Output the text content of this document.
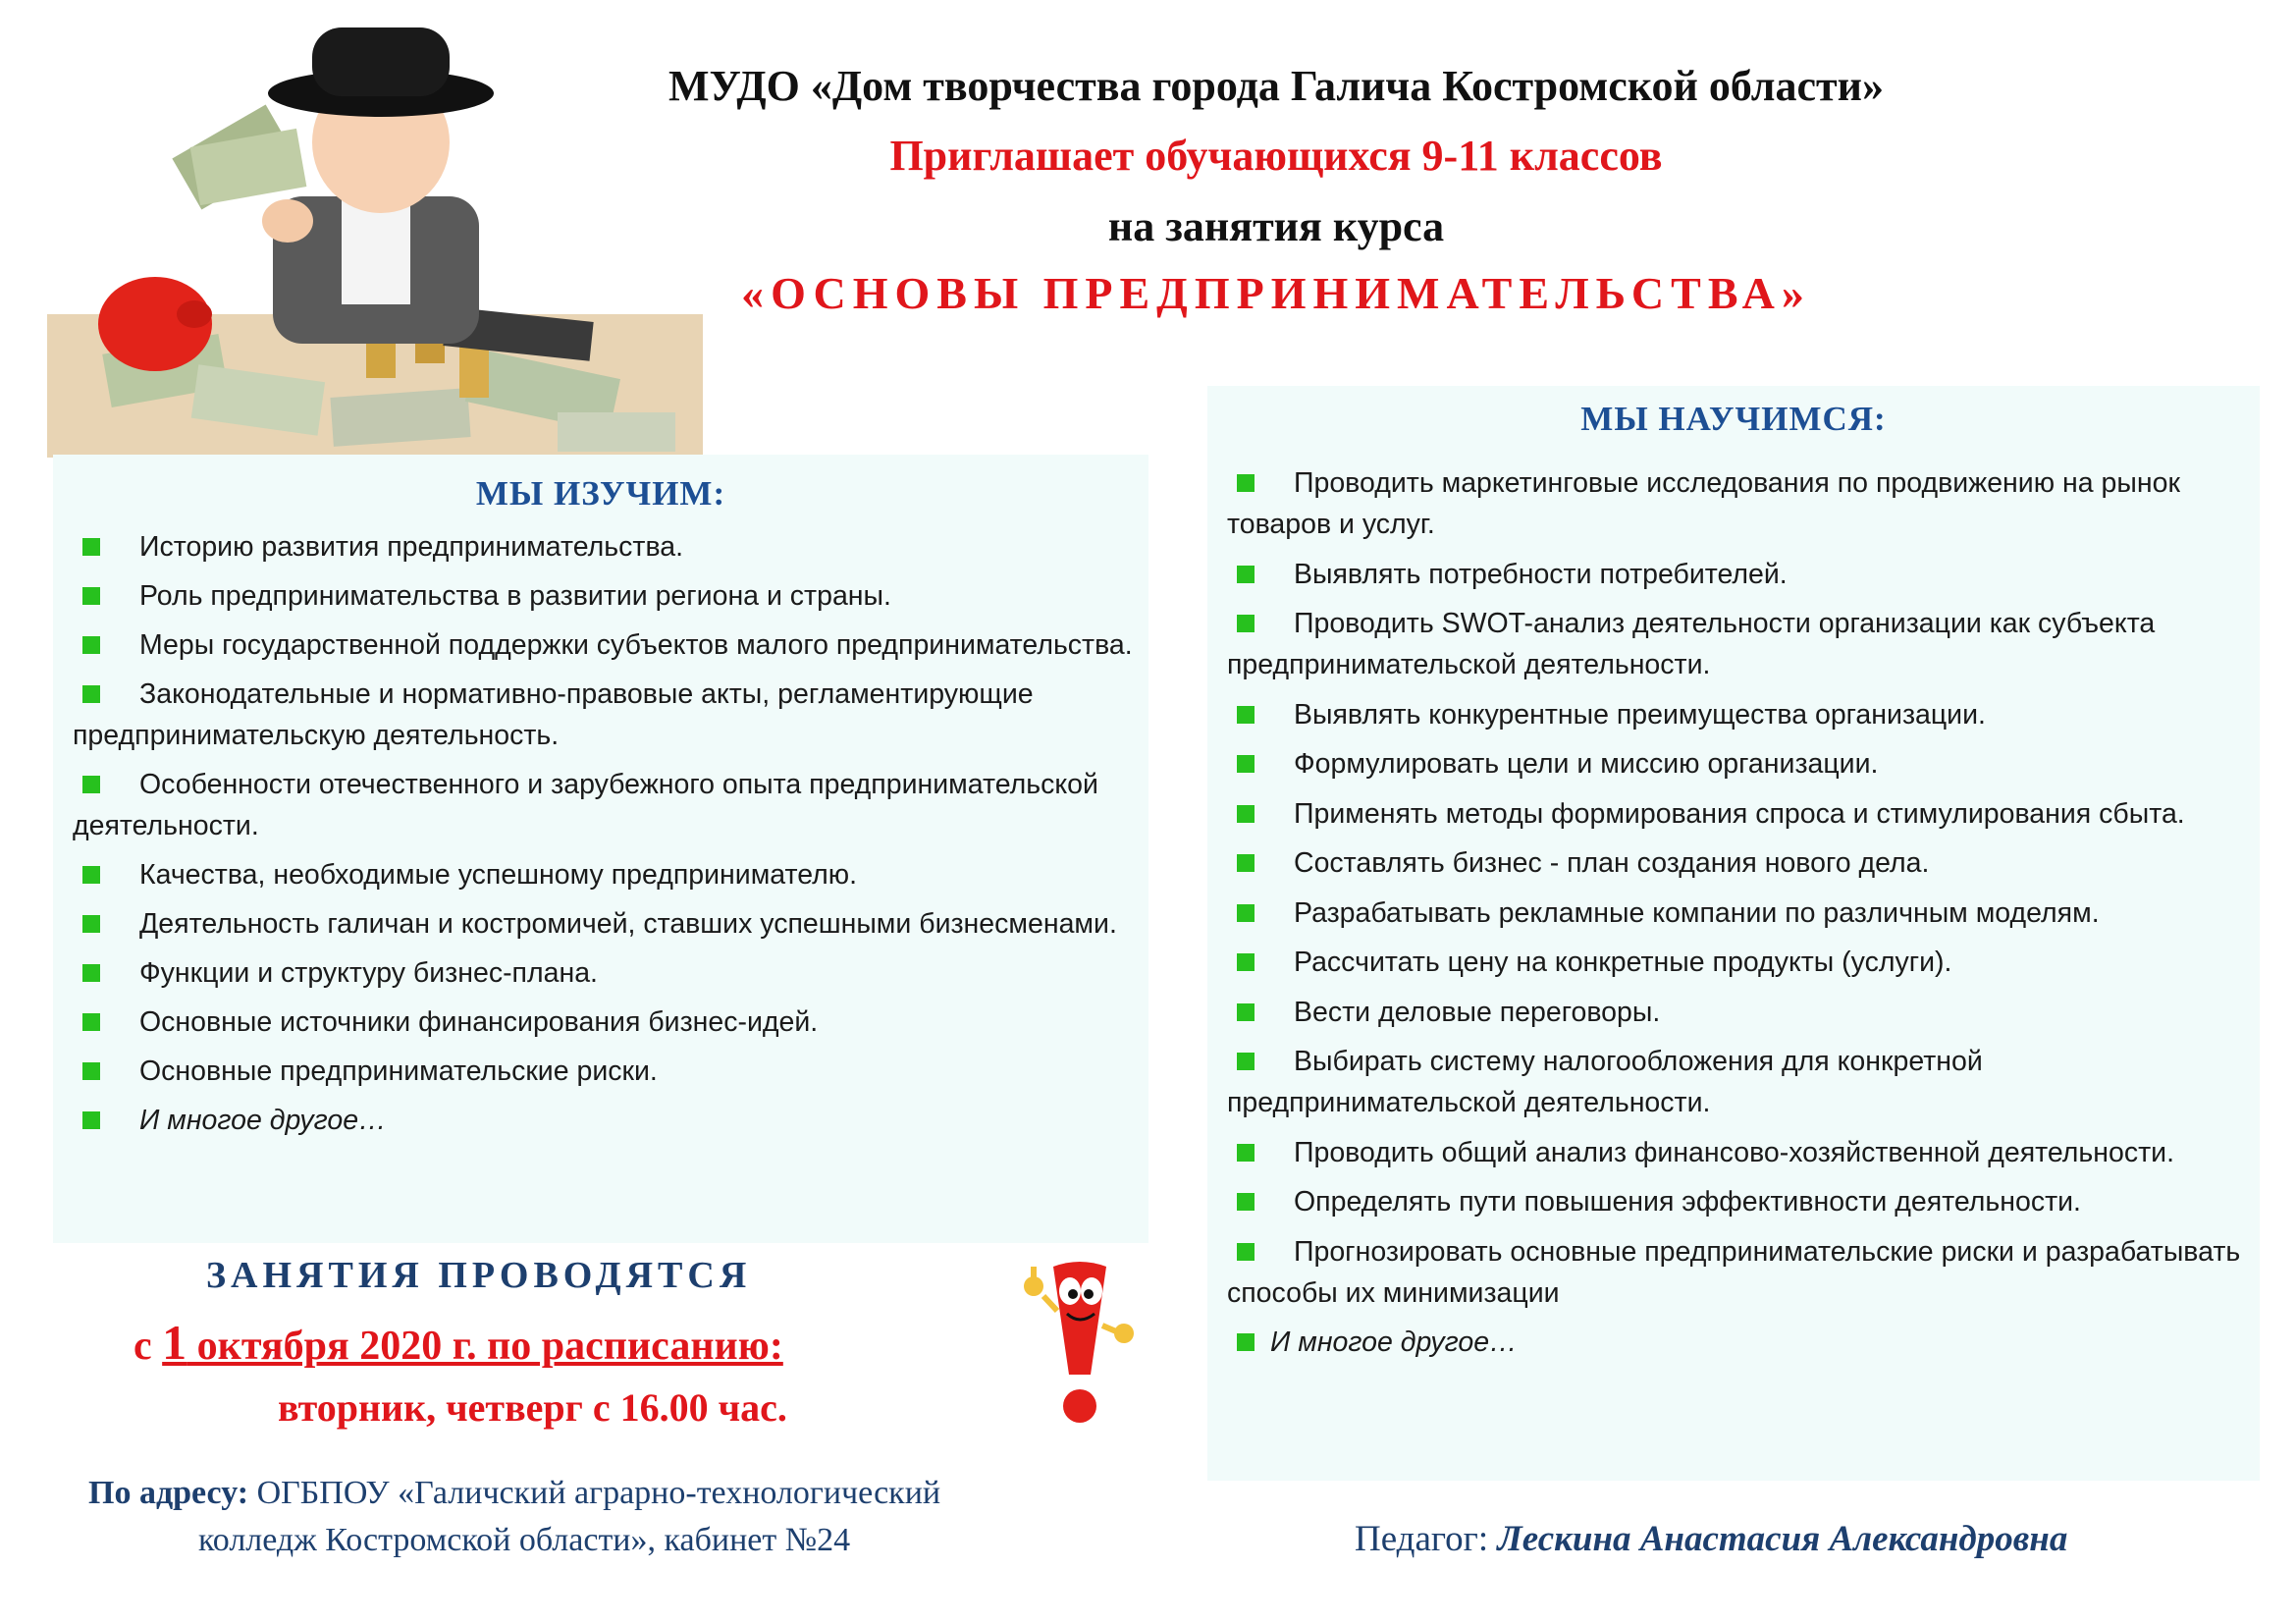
МУДО «Дом творчества города Галича Костромской области»
Приглашает обучающихся 9-11 классов
на занятия курса
«ОСНОВЫ ПРЕДПРИНИМАТЕЛЬСТВА»
МЫ ИЗУЧИМ:
Историю развития предпринимательства.
Роль предпринимательства в развитии региона и страны.
Меры государственной поддержки субъектов малого предпринимательства.
Законодательные и нормативно-правовые акты, регламентирующие предпринимательскую деятельность.
Особенности отечественного и зарубежного опыта предпринимательской деятельности.
Качества, необходимые успешному предпринимателю.
Деятельность галичан и костромичей, ставших успешными бизнесменами.
Функции и структуру бизнес-плана.
Основные источники финансирования бизнес-идей.
Основные предпринимательские риски.
И многое другое…
МЫ НАУЧИМСЯ:
Проводить маркетинговые исследования по продвижению на рынок товаров и услуг.
Выявлять потребности потребителей.
Проводить SWOT-анализ деятельности организации как субъекта предпринимательской деятельности.
Выявлять конкурентные преимущества организации.
Формулировать цели и миссию организации.
Применять методы формирования спроса и стимулирования сбыта.
Составлять бизнес - план создания нового дела.
Разрабатывать рекламные компании по различным моделям.
Рассчитать цену на конкретные продукты (услуги).
Вести деловые переговоры.
Выбирать систему налогообложения для конкретной предпринимательской деятельности.
Проводить общий анализ финансово-хозяйственной деятельности.
Определять пути повышения эффективности деятельности.
Прогнозировать основные предпринимательские риски и разрабатывать способы их минимизации
И многое другое…
ЗАНЯТИЯ ПРОВОДЯТСЯ
с 1 октября 2020 г. по расписанию:
вторник, четверг с 16.00 час.
По адресу: ОГБПОУ «Галичский аграрно-технологический
колледж Костромской области», кабинет №24	Педагог: Лескина Анастасия Александровна
